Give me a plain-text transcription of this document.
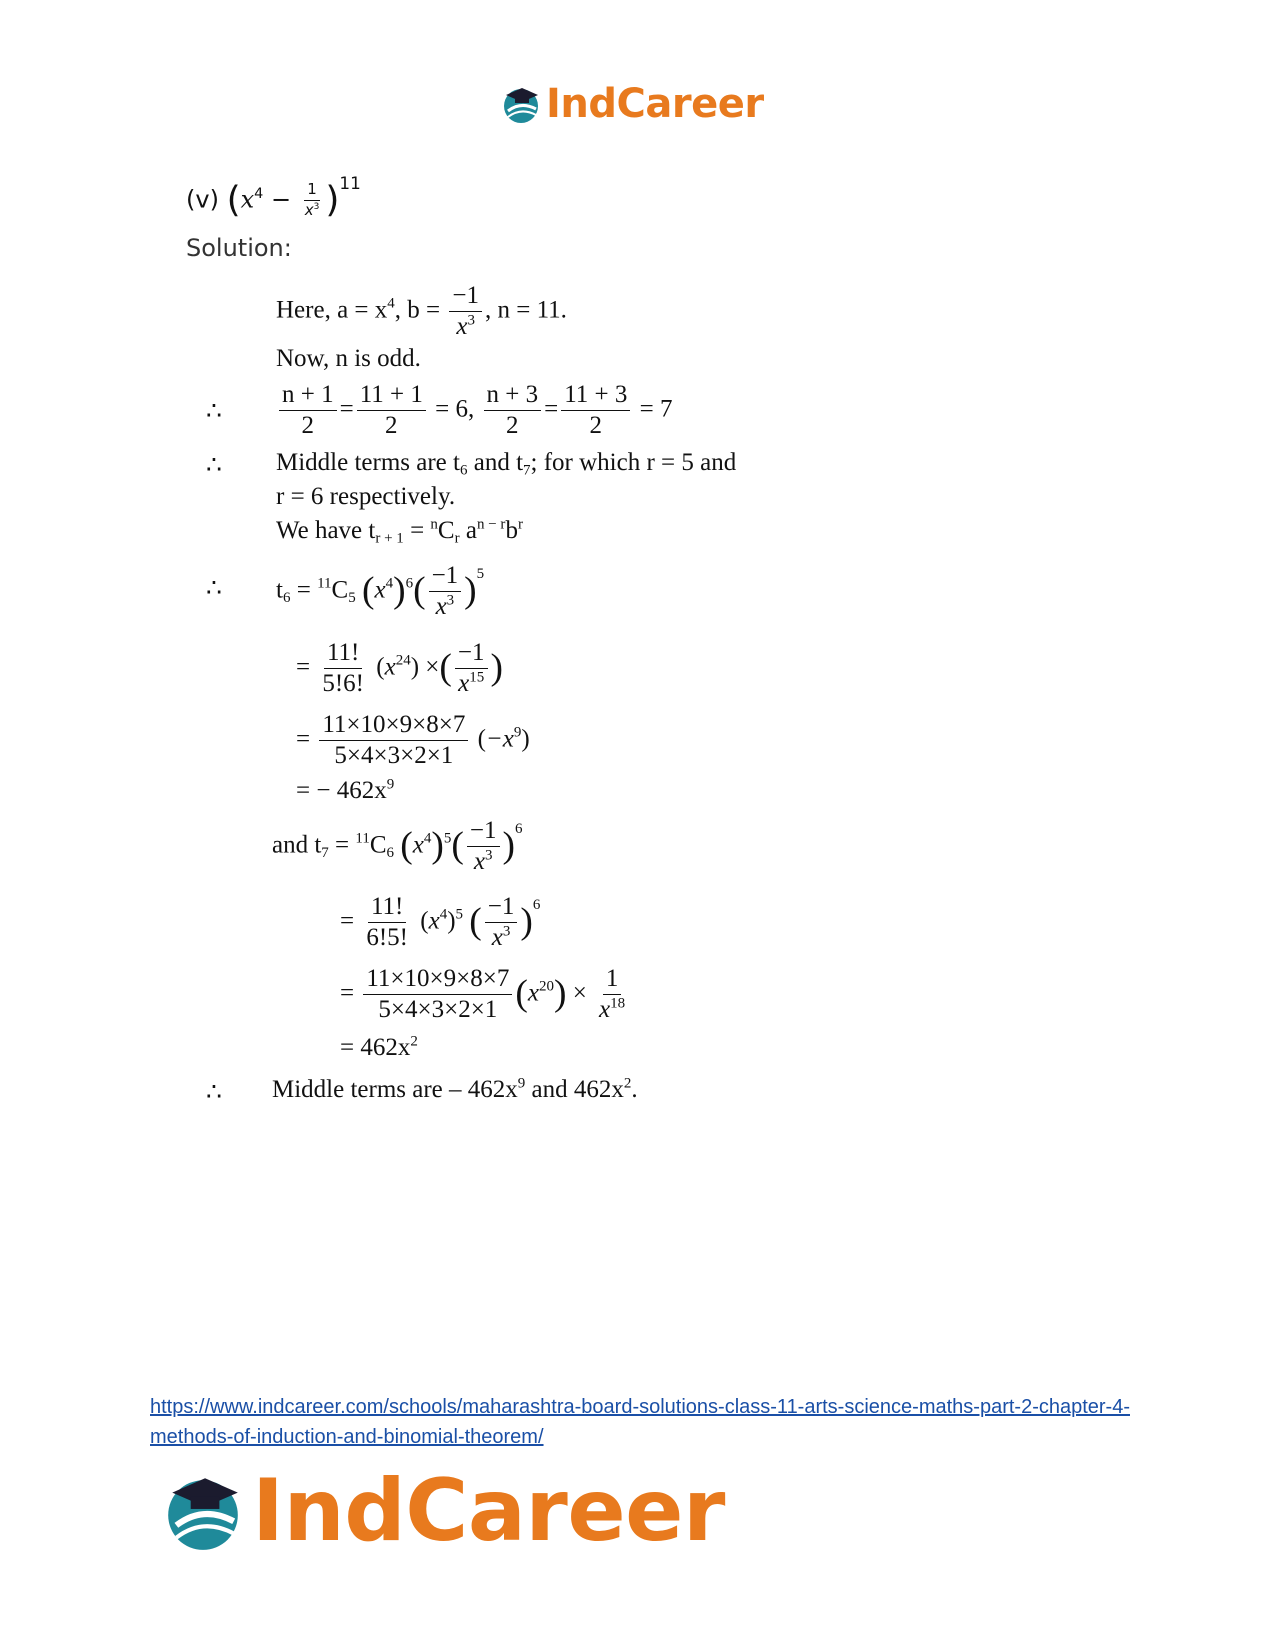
IndCareer
(v) $(x^4 - \frac{1}{x^3} )^{11}$
Solution:
Here, $a = x^4$, $b = \frac{-1}{x^3}$ , n = 11.
Now, n is odd.
∴
∴
∴
∴
$\frac{n + 1}{2} = \frac{11 + 1}{2} = 6$, $\frac{n + 3}{2} = \frac{11 + 3}{2} = 7$
Middle terms are $t_6$ and $t_7$; for which r = 5 and
r = 6 respectively.
We have $t_{r + 1} = ^nC_r$ $a^{n - r}b^r$
$t_6 = ^{11}C_5$ $(x^4)^6( \frac{-1}{x^3} )^5$
= $\frac{11!}{5!6!} (x^{24})$ ×( $\frac{-1}{x^{15}}$ )
= $\frac{11\times 10\times 9\times 8\times 7}{5\times 4\times 3\times 2\times 1} (-x^9)$
= − $462x^9$
and $t_7 = ^{11}C_6$ $(x^4)^5( \frac{-1}{x^3} )^6$
= $\frac{11!}{6!5!} (x^4)^5$ ( $\frac{-1}{x^3} )^6$
= $\frac{11\times 10\times 9\times 8\times 7}{5\times 4\times 3\times 2\times 1} (x^{20}) \times \frac{1}{x^{18}}$
= $462x^2$
Middle terms are – $462x^9$ and $462x^2$.
https://www.indcareer.com/schools/maharashtra-board-solutions-class-11-arts-science-maths-part-2-chapter-4-methods-of-induction-and-binomial-theorem/
IndCareer
